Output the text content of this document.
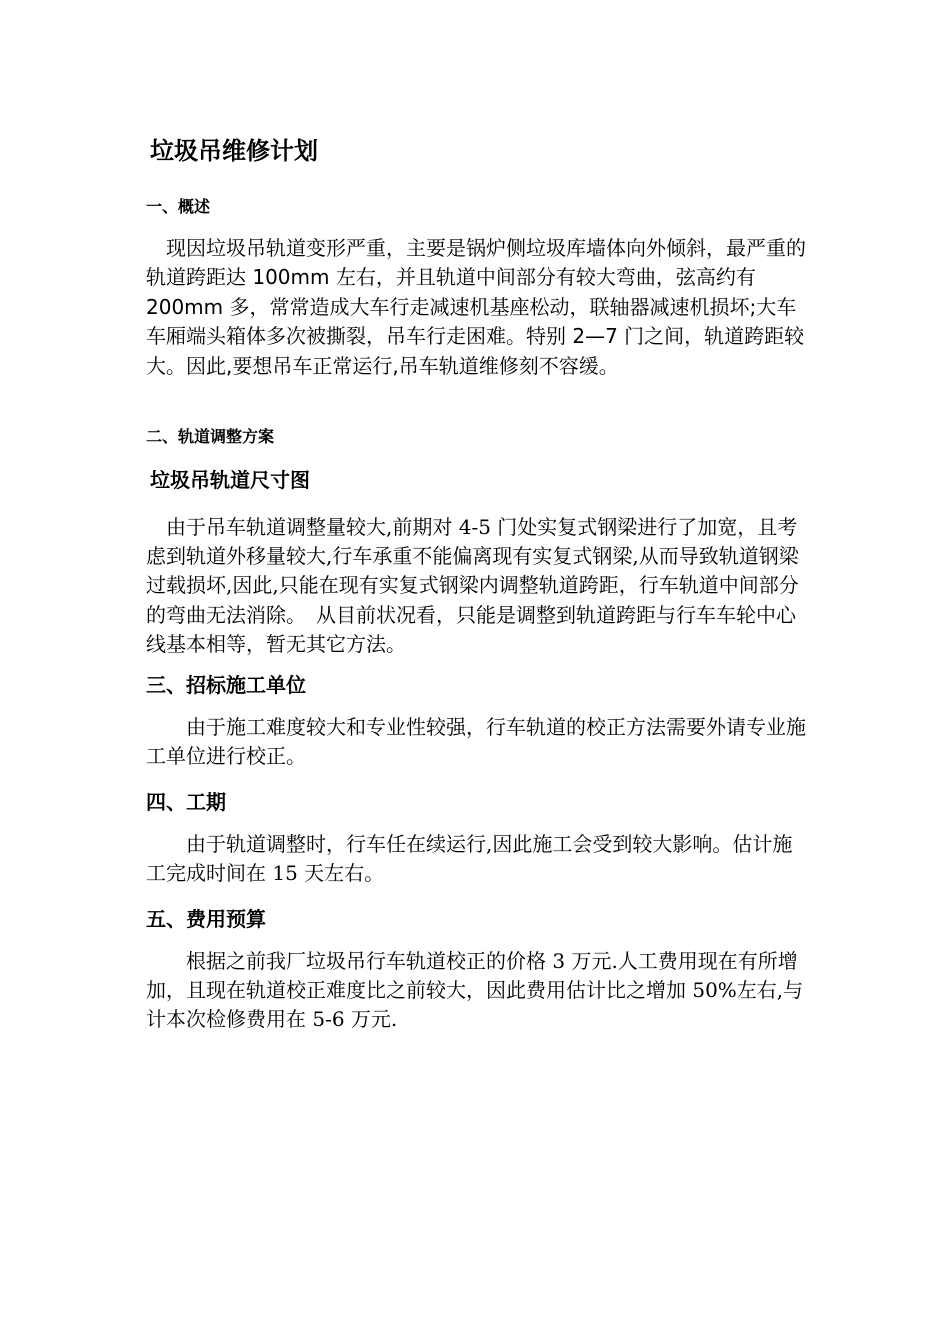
垃圾吊维修计划
一、概述

　现因垃圾吊轨道变形严重，主要是锅炉侧垃圾库墙体向外倾斜，最严重的轨道跨距达 100mm 左右，并且轨道中间部分有较大弯曲，弦高约有 200mm 多，常常造成大车行走减速机基座松动，联轴器减速机损坏;大车车厢端头箱体多次被撕裂，吊车行走困难。特别 2—7 门之间，轨道跨距较大。因此,要想吊车正常运行,吊车轨道维修刻不容缓。

二、轨道调整方案
垃圾吊轨道尺寸图

　由于吊车轨道调整量较大,前期对 4-5 门处实复式钢梁进行了加宽，且考虑到轨道外移量较大,行车承重不能偏离现有实复式钢梁,从而导致轨道钢梁过载损坏,因此,只能在现有实复式钢梁内调整轨道跨距，行车轨道中间部分的弯曲无法消除。　从目前状况看，只能是调整到轨道跨距与行车车轮中心线基本相等，暂无其它方法。

三、招标施工单位

　　由于施工难度较大和专业性较强，行车轨道的校正方法需要外请专业施工单位进行校正。

四、工期

　　由于轨道调整时，行车任在续运行,因此施工会受到较大影响。估计施工完成时间在 15 天左右。

五、费用预算

　　根据之前我厂垃圾吊行车轨道校正的价格 3 万元.人工费用现在有所增加，且现在轨道校正难度比之前较大，因此费用估计比之增加 50%左右,与计本次检修费用在 5-6 万元.
